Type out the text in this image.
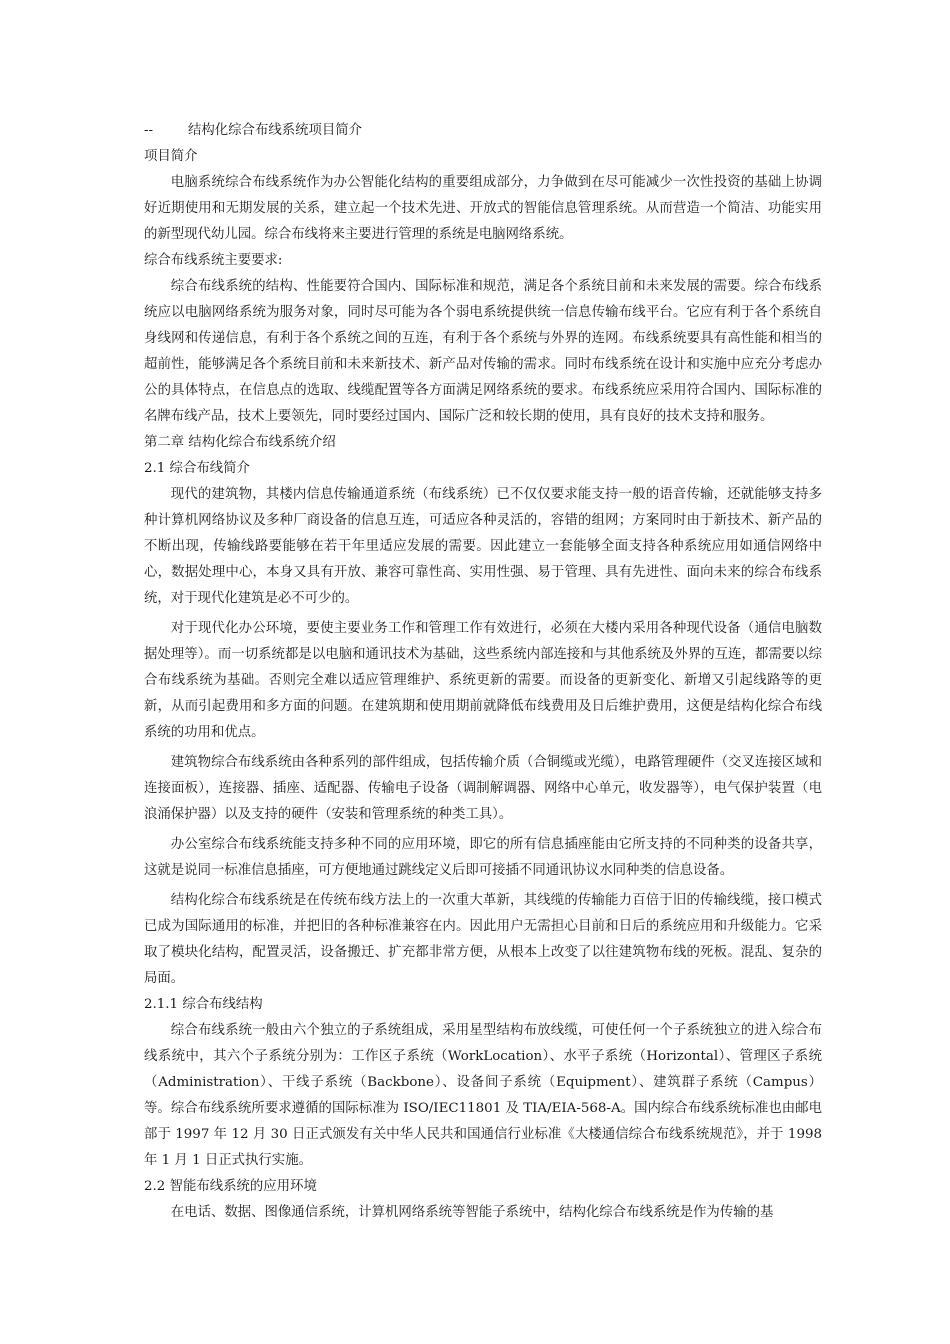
--	结构化综合布线系统项目简介

项目简介

电脑系统综合布线系统作为办公智能化结构的重要组成部分，力争做到在尽可能减少一次性投资的基础上协调好近期使用和无期发展的关系，建立起一个技术先进、开放式的智能信息管理系统。从而营造一个简洁、功能实用的新型现代幼儿园。综合布线将来主要进行管理的系统是电脑网络系统。

综合布线系统主要要求:

综合布线系统的结构、性能要符合国内、国际标准和规范，满足各个系统目前和未来发展的需要。综合布线系统应以电脑网络系统为服务对象，同时尽可能为各个弱电系统提供统一信息传输布线平台。它应有利于各个系统自身线网和传递信息，有利于各个系统之间的互连，有利于各个系统与外界的连网。布线系统要具有高性能和相当的超前性，能够满足各个系统目前和未来新技术、新产品对传输的需求。同时布线系统在设计和实施中应充分考虑办公的具体特点，在信息点的选取、线缆配置等各方面满足网络系统的要求。布线系统应采用符合国内、国际标准的名牌布线产品，技术上要领先，同时要经过国内、国际广泛和较长期的使用，具有良好的技术支持和服务。

第二章 结构化综合布线系统介绍

2.1 综合布线简介

现代的建筑物，其楼内信息传输通道系统（布线系统）已不仅仅要求能支持一般的语音传输，还就能够支持多种计算机网络协议及多种厂商设备的信息互连，可适应各种灵活的，容错的组网；方案同时由于新技术、新产品的不断出现，传输线路要能够在若干年里适应发展的需要。因此建立一套能够全面支持各种系统应用如通信网络中心，数据处理中心，本身又具有开放、兼容可靠性高、实用性强、易于管理、具有先进性、面向未来的综合布线系统，对于现代化建筑是必不可少的。

对于现代化办公环境，要使主要业务工作和管理工作有效进行，必须在大楼内采用各种现代设备（通信电脑数据处理等）。而一切系统都是以电脑和通讯技术为基础，这些系统内部连接和与其他系统及外界的互连，都需要以综合布线系统为基础。否则完全难以适应管理维护、系统更新的需要。而设备的更新变化、新增又引起线路等的更新，从而引起费用和多方面的问题。在建筑期和使用期前就降低布线费用及日后维护费用，这便是结构化综合布线系统的功用和优点。

建筑物综合布线系统由各种系列的部件组成，包括传输介质（合铜缆或光缆），电路管理硬件（交叉连接区域和连接面板），连接器、插座、适配器、传输电子设备（调制解调器、网络中心单元，收发器等），电气保护装置（电浪涌保护器）以及支持的硬件（安装和管理系统的种类工具）。

办公室综合布线系统能支持多种不同的应用环境，即它的所有信息插座能由它所支持的不同种类的设备共享，这就是说同一标准信息插座，可方便地通过跳线定义后即可接插不同通讯协议水同种类的信息设备。

结构化综合布线系统是在传统布线方法上的一次重大革新，其线缆的传输能力百倍于旧的传输线缆，接口模式已成为国际通用的标准，并把旧的各种标准兼容在内。因此用户无需担心目前和日后的系统应用和升级能力。它采取了模块化结构，配置灵活，设备搬迁、扩充都非常方便，从根本上改变了以往建筑物布线的死板。混乱、复杂的局面。

2.1.1 综合布线结构

综合布线系统一般由六个独立的子系统组成，采用星型结构布放线缆，可使任何一个子系统独立的进入综合布线系统中，其六个子系统分别为：工作区子系统（WorkLocation）、水平子系统（Horizontal）、管理区子系统（Administration）、干线子系统（Backbone）、设备间子系统（Equipment）、建筑群子系统（Campus）等。综合布线系统所要求遵循的国际标准为 ISO/IEC11801 及 TIA/EIA-568-A。国内综合布线系统标准也由邮电部于 1997 年 12 月 30 日正式颁发有关中华人民共和国通信行业标准《大楼通信综合布线系统规范》，并于 1998 年 1 月 1 日正式执行实施。

2.2 智能布线系统的应用环境

在电话、数据、图像通信系统，计算机网络系统等智能子系统中，结构化综合布线系统是作为传输的基
